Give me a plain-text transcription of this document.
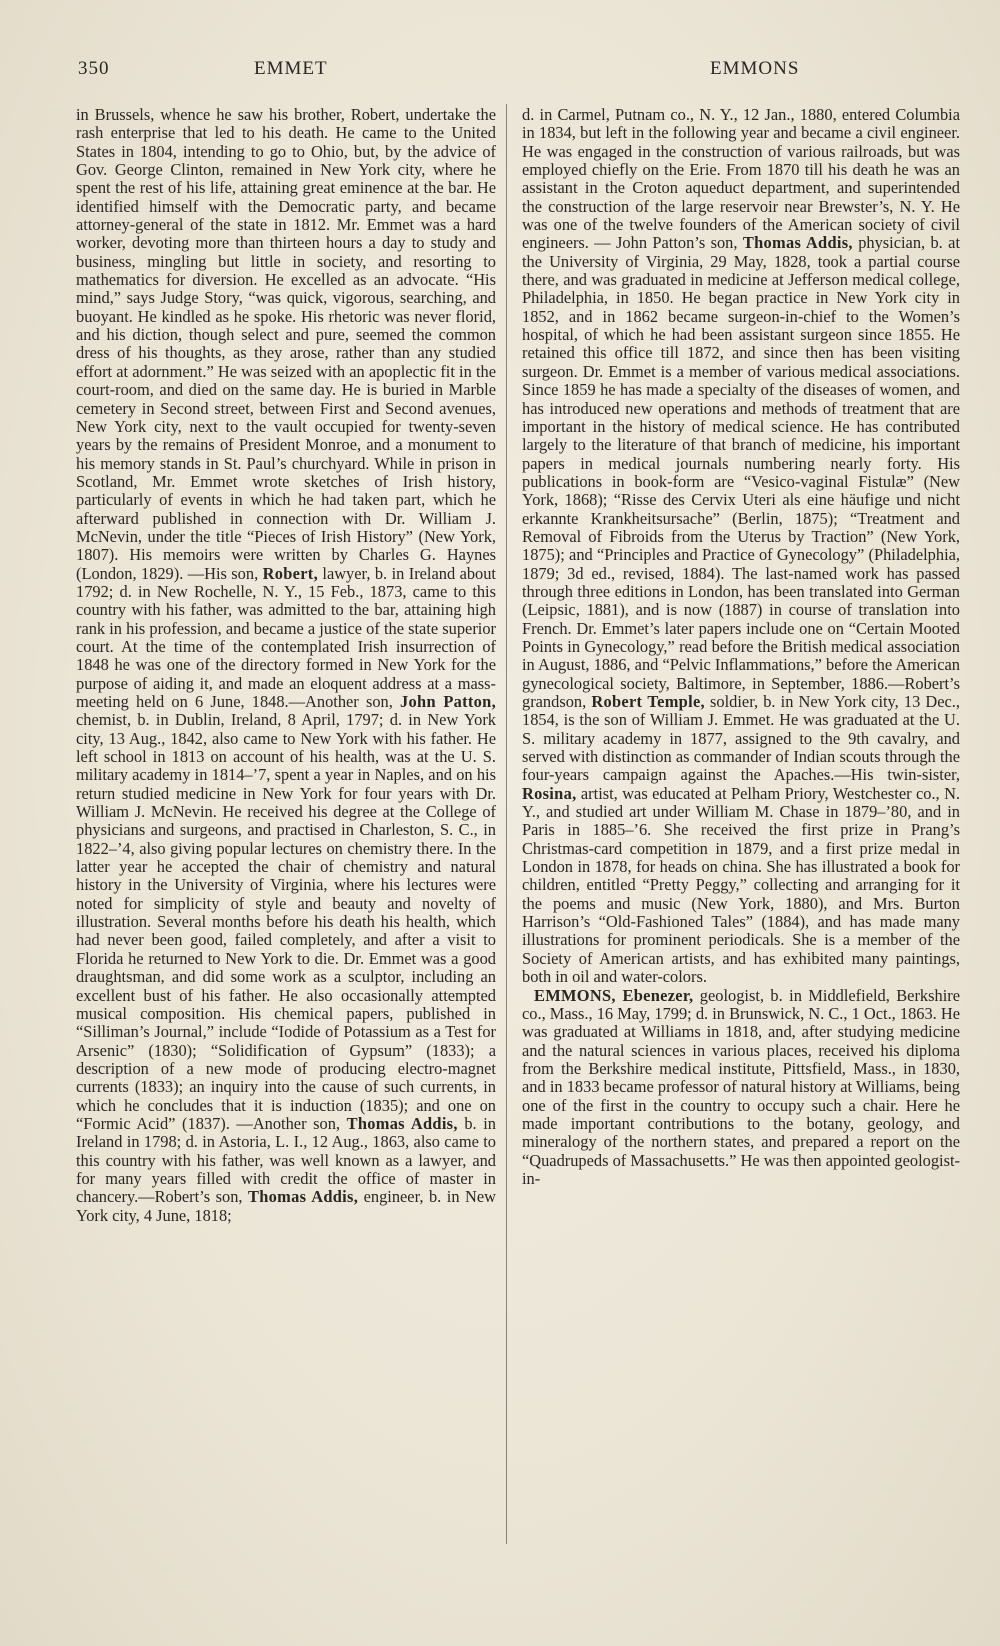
350	EMMET	EMMONS

in Brussels, whence he saw his brother, Robert, undertake the rash enterprise that led to his death. He came to the United States in 1804, intending to go to Ohio, but, by the advice of Gov. George Clinton, remained in New York city, where he spent the rest of his life, attaining great eminence at the bar. He identified himself with the Democratic party, and became attorney-general of the state in 1812. Mr. Emmet was a hard worker, devoting more than thirteen hours a day to study and business, mingling but little in society, and resorting to mathematics for diversion. He excelled as an advocate. “His mind,” says Judge Story, “was quick, vigorous, searching, and buoyant. He kindled as he spoke. His rhetoric was never florid, and his diction, though select and pure, seemed the common dress of his thoughts, as they arose, rather than any studied effort at adornment.” He was seized with an apoplectic fit in the court-room, and died on the same day. He is buried in Marble cemetery in Second street, between First and Second avenues, New York city, next to the vault occupied for twenty-seven years by the remains of President Monroe, and a monument to his memory stands in St. Paul’s churchyard. While in prison in Scotland, Mr. Emmet wrote sketches of Irish history, particularly of events in which he had taken part, which he afterward published in connection with Dr. William J. McNevin, under the title “Pieces of Irish History” (New York, 1807). His memoirs were written by Charles G. Haynes (London, 1829). —His son, Robert, lawyer, b. in Ireland about 1792; d. in New Rochelle, N. Y., 15 Feb., 1873, came to this country with his father, was admitted to the bar, attaining high rank in his profession, and became a justice of the state superior court. At the time of the contemplated Irish insurrection of 1848 he was one of the directory formed in New York for the purpose of aiding it, and made an eloquent address at a mass-meeting held on 6 June, 1848.—Another son, John Patton, chemist, b. in Dublin, Ireland, 8 April, 1797; d. in New York city, 13 Aug., 1842, also came to New York with his father. He left school in 1813 on account of his health, was at the U. S. military academy in 1814–’7, spent a year in Naples, and on his return studied medicine in New York for four years with Dr. William J. McNevin. He received his degree at the College of physicians and surgeons, and practised in Charleston, S. C., in 1822–’4, also giving popular lectures on chemistry there. In the latter year he accepted the chair of chemistry and natural history in the University of Virginia, where his lectures were noted for simplicity of style and beauty and novelty of illustration. Several months before his death his health, which had never been good, failed completely, and after a visit to Florida he returned to New York to die. Dr. Emmet was a good draughtsman, and did some work as a sculptor, including an excellent bust of his father. He also occasionally attempted musical composition. His chemical papers, published in “Silliman’s Journal,” include “Iodide of Potassium as a Test for Arsenic” (1830); “Solidification of Gypsum” (1833); a description of a new mode of producing electro-magnet currents (1833); an inquiry into the cause of such currents, in which he concludes that it is induction (1835); and one on “Formic Acid” (1837). —Another son, Thomas Addis, b. in Ireland in 1798; d. in Astoria, L. I., 12 Aug., 1863, also came to this country with his father, was well known as a lawyer, and for many years filled with credit the office of master in chancery.—Robert’s son, Thomas Addis, engineer, b. in New York city, 4 June, 1818;

d. in Carmel, Putnam co., N. Y., 12 Jan., 1880, entered Columbia in 1834, but left in the following year and became a civil engineer. He was engaged in the construction of various railroads, but was employed chiefly on the Erie. From 1870 till his death he was an assistant in the Croton aqueduct department, and superintended the construction of the large reservoir near Brewster’s, N. Y. He was one of the twelve founders of the American society of civil engineers. — John Patton’s son, Thomas Addis, physician, b. at the University of Virginia, 29 May, 1828, took a partial course there, and was graduated in medicine at Jefferson medical college, Philadelphia, in 1850. He began practice in New York city in 1852, and in 1862 became surgeon-in-chief to the Women’s hospital, of which he had been assistant surgeon since 1855. He retained this office till 1872, and since then has been visiting surgeon. Dr. Emmet is a member of various medical associations. Since 1859 he has made a specialty of the diseases of women, and has introduced new operations and methods of treatment that are important in the history of medical science. He has contributed largely to the literature of that branch of medicine, his important papers in medical journals numbering nearly forty. His publications in book-form are “Vesico-vaginal Fistulæ” (New York, 1868); “Risse des Cervix Uteri als eine häufige und nicht erkannte Krankheitsursache” (Berlin, 1875); “Treatment and Removal of Fibroids from the Uterus by Traction” (New York, 1875); and “Principles and Practice of Gynecology” (Philadelphia, 1879; 3d ed., revised, 1884). The last-named work has passed through three editions in London, has been translated into German (Leipsic, 1881), and is now (1887) in course of translation into French. Dr. Emmet’s later papers include one on “Certain Mooted Points in Gynecology,” read before the British medical association in August, 1886, and “Pelvic Inflammations,” before the American gynecological society, Baltimore, in September, 1886.—Robert’s grandson, Robert Temple, soldier, b. in New York city, 13 Dec., 1854, is the son of William J. Emmet. He was graduated at the U. S. military academy in 1877, assigned to the 9th cavalry, and served with distinction as commander of Indian scouts through the four-years campaign against the Apaches.—His twin-sister, Rosina, artist, was educated at Pelham Priory, Westchester co., N. Y., and studied art under William M. Chase in 1879–’80, and in Paris in 1885–’6. She received the first prize in Prang’s Christmas-card competition in 1879, and a first prize medal in London in 1878, for heads on china. She has illustrated a book for children, entitled “Pretty Peggy,” collecting and arranging for it the poems and music (New York, 1880), and Mrs. Burton Harrison’s “Old-Fashioned Tales” (1884), and has made many illustrations for prominent periodicals. She is a member of the Society of American artists, and has exhibited many paintings, both in oil and water-colors.

EMMONS, Ebenezer, geologist, b. in Middlefield, Berkshire co., Mass., 16 May, 1799; d. in Brunswick, N. C., 1 Oct., 1863. He was graduated at Williams in 1818, and, after studying medicine and the natural sciences in various places, received his diploma from the Berkshire medical institute, Pittsfield, Mass., in 1830, and in 1833 became professor of natural history at Williams, being one of the first in the country to occupy such a chair. Here he made important contributions to the botany, geology, and mineralogy of the northern states, and prepared a report on the “Quadrupeds of Massachusetts.” He was then appointed geologist-in-
